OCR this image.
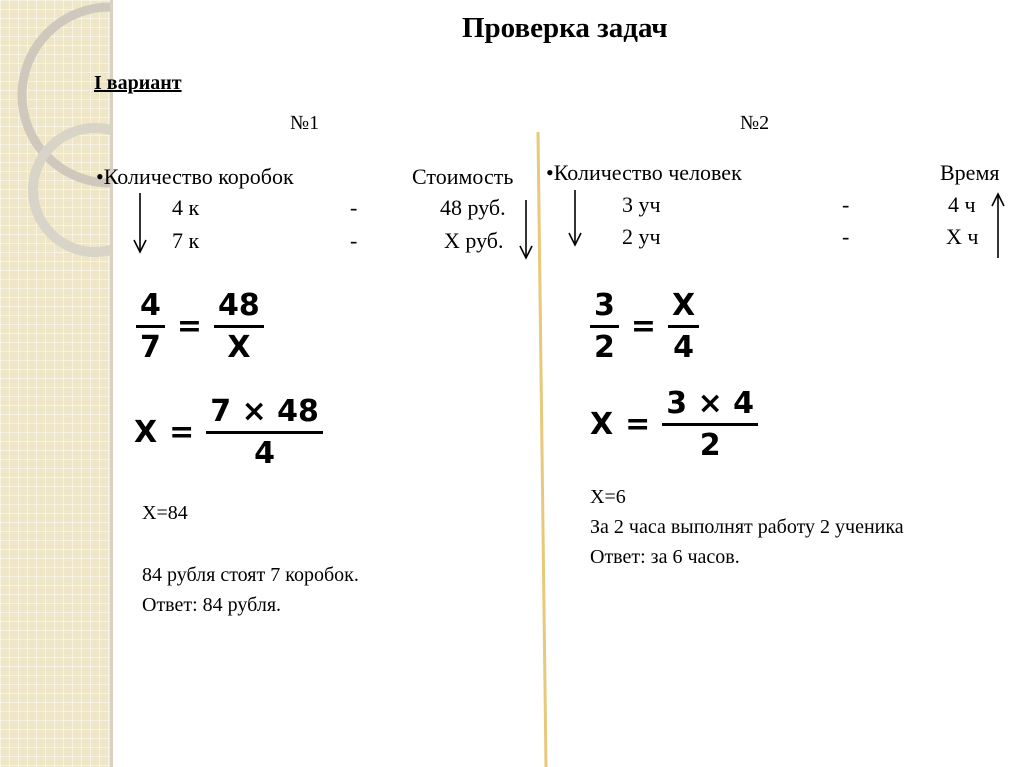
Проверка задач
I вариант
№1
•Количество коробок	Стоимость
4 к	-	48 руб.
7 к	-	Х руб.
$\frac{4}{7} = \frac{48}{X}$
$X = \frac{7 \times 48}{4}$
Х=84
84 рубля стоят 7 коробок.
Ответ: 84 рубля.
№2
•Количество человек	Время
3 уч	-	4 ч
2 уч	-	Х ч
$\frac{3}{2} = \frac{X}{4}$
$X = \frac{3 \times 4}{2}$
Х=6
За 2 часа выполнят работу 2 ученика
Ответ: за 6 часов.
